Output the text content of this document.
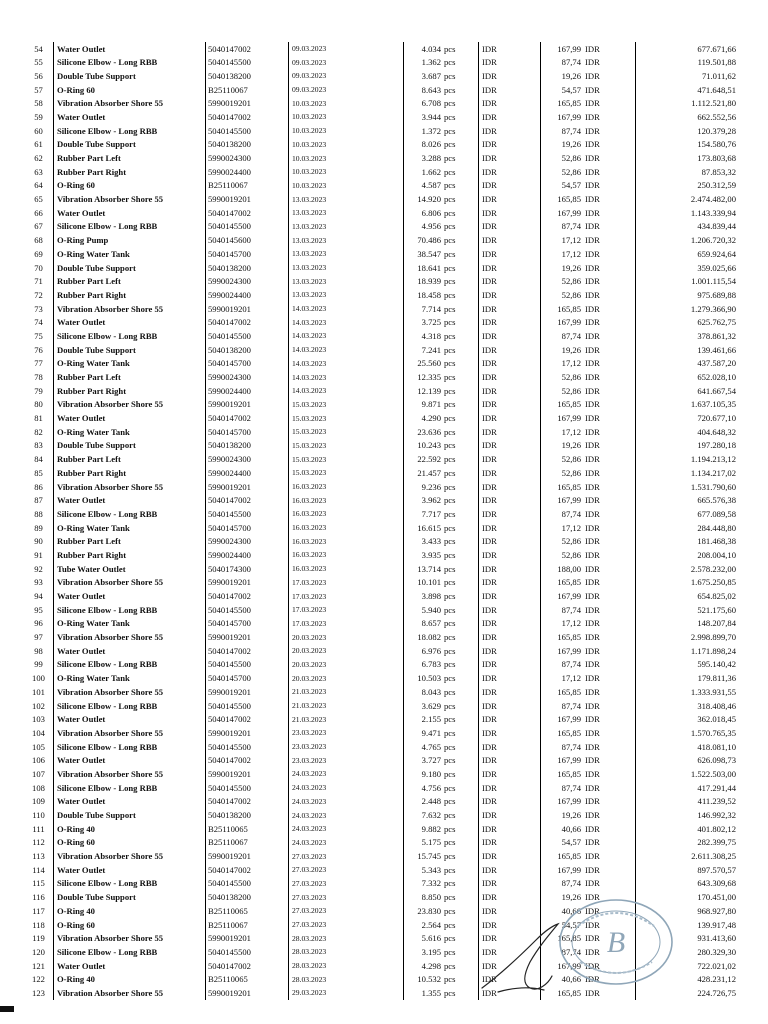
54	Water Outlet	5040147002	09.03.2023	4.034	pcs	IDR	167,99	IDR	677.671,66
55	Silicone Elbow - Long RBB	5040145500	09.03.2023	1.362	pcs	IDR	87,74	IDR	119.501,88
56	Double Tube Support	5040138200	09.03.2023	3.687	pcs	IDR	19,26	IDR	71.011,62
57	O-Ring 60	B25110067	09.03.2023	8.643	pcs	IDR	54,57	IDR	471.648,51
58	Vibration Absorber Shore 55	5990019201	10.03.2023	6.708	pcs	IDR	165,85	IDR	1.112.521,80
59	Water Outlet	5040147002	10.03.2023	3.944	pcs	IDR	167,99	IDR	662.552,56
60	Silicone Elbow - Long RBB	5040145500	10.03.2023	1.372	pcs	IDR	87,74	IDR	120.379,28
61	Double Tube Support	5040138200	10.03.2023	8.026	pcs	IDR	19,26	IDR	154.580,76
62	Rubber Part Left	5990024300	10.03.2023	3.288	pcs	IDR	52,86	IDR	173.803,68
63	Rubber Part Right	5990024400	10.03.2023	1.662	pcs	IDR	52,86	IDR	87.853,32
64	O-Ring 60	B25110067	10.03.2023	4.587	pcs	IDR	54,57	IDR	250.312,59
65	Vibration Absorber Shore 55	5990019201	13.03.2023	14.920	pcs	IDR	165,85	IDR	2.474.482,00
66	Water Outlet	5040147002	13.03.2023	6.806	pcs	IDR	167,99	IDR	1.143.339,94
67	Silicone Elbow - Long RBB	5040145500	13.03.2023	4.956	pcs	IDR	87,74	IDR	434.839,44
68	O-Ring Pump	5040145600	13.03.2023	70.486	pcs	IDR	17,12	IDR	1.206.720,32
69	O-Ring Water Tank	5040145700	13.03.2023	38.547	pcs	IDR	17,12	IDR	659.924,64
70	Double Tube Support	5040138200	13.03.2023	18.641	pcs	IDR	19,26	IDR	359.025,66
71	Rubber Part Left	5990024300	13.03.2023	18.939	pcs	IDR	52,86	IDR	1.001.115,54
72	Rubber Part Right	5990024400	13.03.2023	18.458	pcs	IDR	52,86	IDR	975.689,88
73	Vibration Absorber Shore 55	5990019201	14.03.2023	7.714	pcs	IDR	165,85	IDR	1.279.366,90
74	Water Outlet	5040147002	14.03.2023	3.725	pcs	IDR	167,99	IDR	625.762,75
75	Silicone Elbow - Long RBB	5040145500	14.03.2023	4.318	pcs	IDR	87,74	IDR	378.861,32
76	Double Tube Support	5040138200	14.03.2023	7.241	pcs	IDR	19,26	IDR	139.461,66
77	O-Ring Water Tank	5040145700	14.03.2023	25.560	pcs	IDR	17,12	IDR	437.587,20
78	Rubber Part Left	5990024300	14.03.2023	12.335	pcs	IDR	52,86	IDR	652.028,10
79	Rubber Part Right	5990024400	14.03.2023	12.139	pcs	IDR	52,86	IDR	641.667,54
80	Vibration Absorber Shore 55	5990019201	15.03.2023	9.871	pcs	IDR	165,85	IDR	1.637.105,35
81	Water Outlet	5040147002	15.03.2023	4.290	pcs	IDR	167,99	IDR	720.677,10
82	O-Ring Water Tank	5040145700	15.03.2023	23.636	pcs	IDR	17,12	IDR	404.648,32
83	Double Tube Support	5040138200	15.03.2023	10.243	pcs	IDR	19,26	IDR	197.280,18
84	Rubber Part Left	5990024300	15.03.2023	22.592	pcs	IDR	52,86	IDR	1.194.213,12
85	Rubber Part Right	5990024400	15.03.2023	21.457	pcs	IDR	52,86	IDR	1.134.217,02
86	Vibration Absorber Shore 55	5990019201	16.03.2023	9.236	pcs	IDR	165,85	IDR	1.531.790,60
87	Water Outlet	5040147002	16.03.2023	3.962	pcs	IDR	167,99	IDR	665.576,38
88	Silicone Elbow - Long RBB	5040145500	16.03.2023	7.717	pcs	IDR	87,74	IDR	677.089,58
89	O-Ring Water Tank	5040145700	16.03.2023	16.615	pcs	IDR	17,12	IDR	284.448,80
90	Rubber Part Left	5990024300	16.03.2023	3.433	pcs	IDR	52,86	IDR	181.468,38
91	Rubber Part Right	5990024400	16.03.2023	3.935	pcs	IDR	52,86	IDR	208.004,10
92	Tube Water Outlet	5040174300	16.03.2023	13.714	pcs	IDR	188,00	IDR	2.578.232,00
93	Vibration Absorber Shore 55	5990019201	17.03.2023	10.101	pcs	IDR	165,85	IDR	1.675.250,85
94	Water Outlet	5040147002	17.03.2023	3.898	pcs	IDR	167,99	IDR	654.825,02
95	Silicone Elbow - Long RBB	5040145500	17.03.2023	5.940	pcs	IDR	87,74	IDR	521.175,60
96	O-Ring Water Tank	5040145700	17.03.2023	8.657	pcs	IDR	17,12	IDR	148.207,84
97	Vibration Absorber Shore 55	5990019201	20.03.2023	18.082	pcs	IDR	165,85	IDR	2.998.899,70
98	Water Outlet	5040147002	20.03.2023	6.976	pcs	IDR	167,99	IDR	1.171.898,24
99	Silicone Elbow - Long RBB	5040145500	20.03.2023	6.783	pcs	IDR	87,74	IDR	595.140,42
100	O-Ring Water Tank	5040145700	20.03.2023	10.503	pcs	IDR	17,12	IDR	179.811,36
101	Vibration Absorber Shore 55	5990019201	21.03.2023	8.043	pcs	IDR	165,85	IDR	1.333.931,55
102	Silicone Elbow - Long RBB	5040145500	21.03.2023	3.629	pcs	IDR	87,74	IDR	318.408,46
103	Water Outlet	5040147002	21.03.2023	2.155	pcs	IDR	167,99	IDR	362.018,45
104	Vibration Absorber Shore 55	5990019201	23.03.2023	9.471	pcs	IDR	165,85	IDR	1.570.765,35
105	Silicone Elbow - Long RBB	5040145500	23.03.2023	4.765	pcs	IDR	87,74	IDR	418.081,10
106	Water Outlet	5040147002	23.03.2023	3.727	pcs	IDR	167,99	IDR	626.098,73
107	Vibration Absorber Shore 55	5990019201	24.03.2023	9.180	pcs	IDR	165,85	IDR	1.522.503,00
108	Silicone Elbow - Long RBB	5040145500	24.03.2023	4.756	pcs	IDR	87,74	IDR	417.291,44
109	Water Outlet	5040147002	24.03.2023	2.448	pcs	IDR	167,99	IDR	411.239,52
110	Double Tube Support	5040138200	24.03.2023	7.632	pcs	IDR	19,26	IDR	146.992,32
111	O-Ring 40	B25110065	24.03.2023	9.882	pcs	IDR	40,66	IDR	401.802,12
112	O-Ring 60	B25110067	24.03.2023	5.175	pcs	IDR	54,57	IDR	282.399,75
113	Vibration Absorber Shore 55	5990019201	27.03.2023	15.745	pcs	IDR	165,85	IDR	2.611.308,25
114	Water Outlet	5040147002	27.03.2023	5.343	pcs	IDR	167,99	IDR	897.570,57
115	Silicone Elbow - Long RBB	5040145500	27.03.2023	7.332	pcs	IDR	87,74	IDR	643.309,68
116	Double Tube Support	5040138200	27.03.2023	8.850	pcs	IDR	19,26	IDR	170.451,00
117	O-Ring 40	B25110065	27.03.2023	23.830	pcs	IDR	40,66	IDR	968.927,80
118	O-Ring 60	B25110067	27.03.2023	2.564	pcs	IDR	54,57	IDR	139.917,48
119	Vibration Absorber Shore 55	5990019201	28.03.2023	5.616	pcs	IDR	165,85	IDR	931.413,60
120	Silicone Elbow - Long RBB	5040145500	28.03.2023	3.195	pcs	IDR	87,74	IDR	280.329,30
121	Water Outlet	5040147002	28.03.2023	4.298	pcs	IDR	167,99	IDR	722.021,02
122	O-Ring 40	B25110065	28.03.2023	10.532	pcs	IDR	40,66	IDR	428.231,12
123	Vibration Absorber Shore 55	5990019201	29.03.2023	1.355	pcs	IDR	165,85	IDR	224.726,75
B
